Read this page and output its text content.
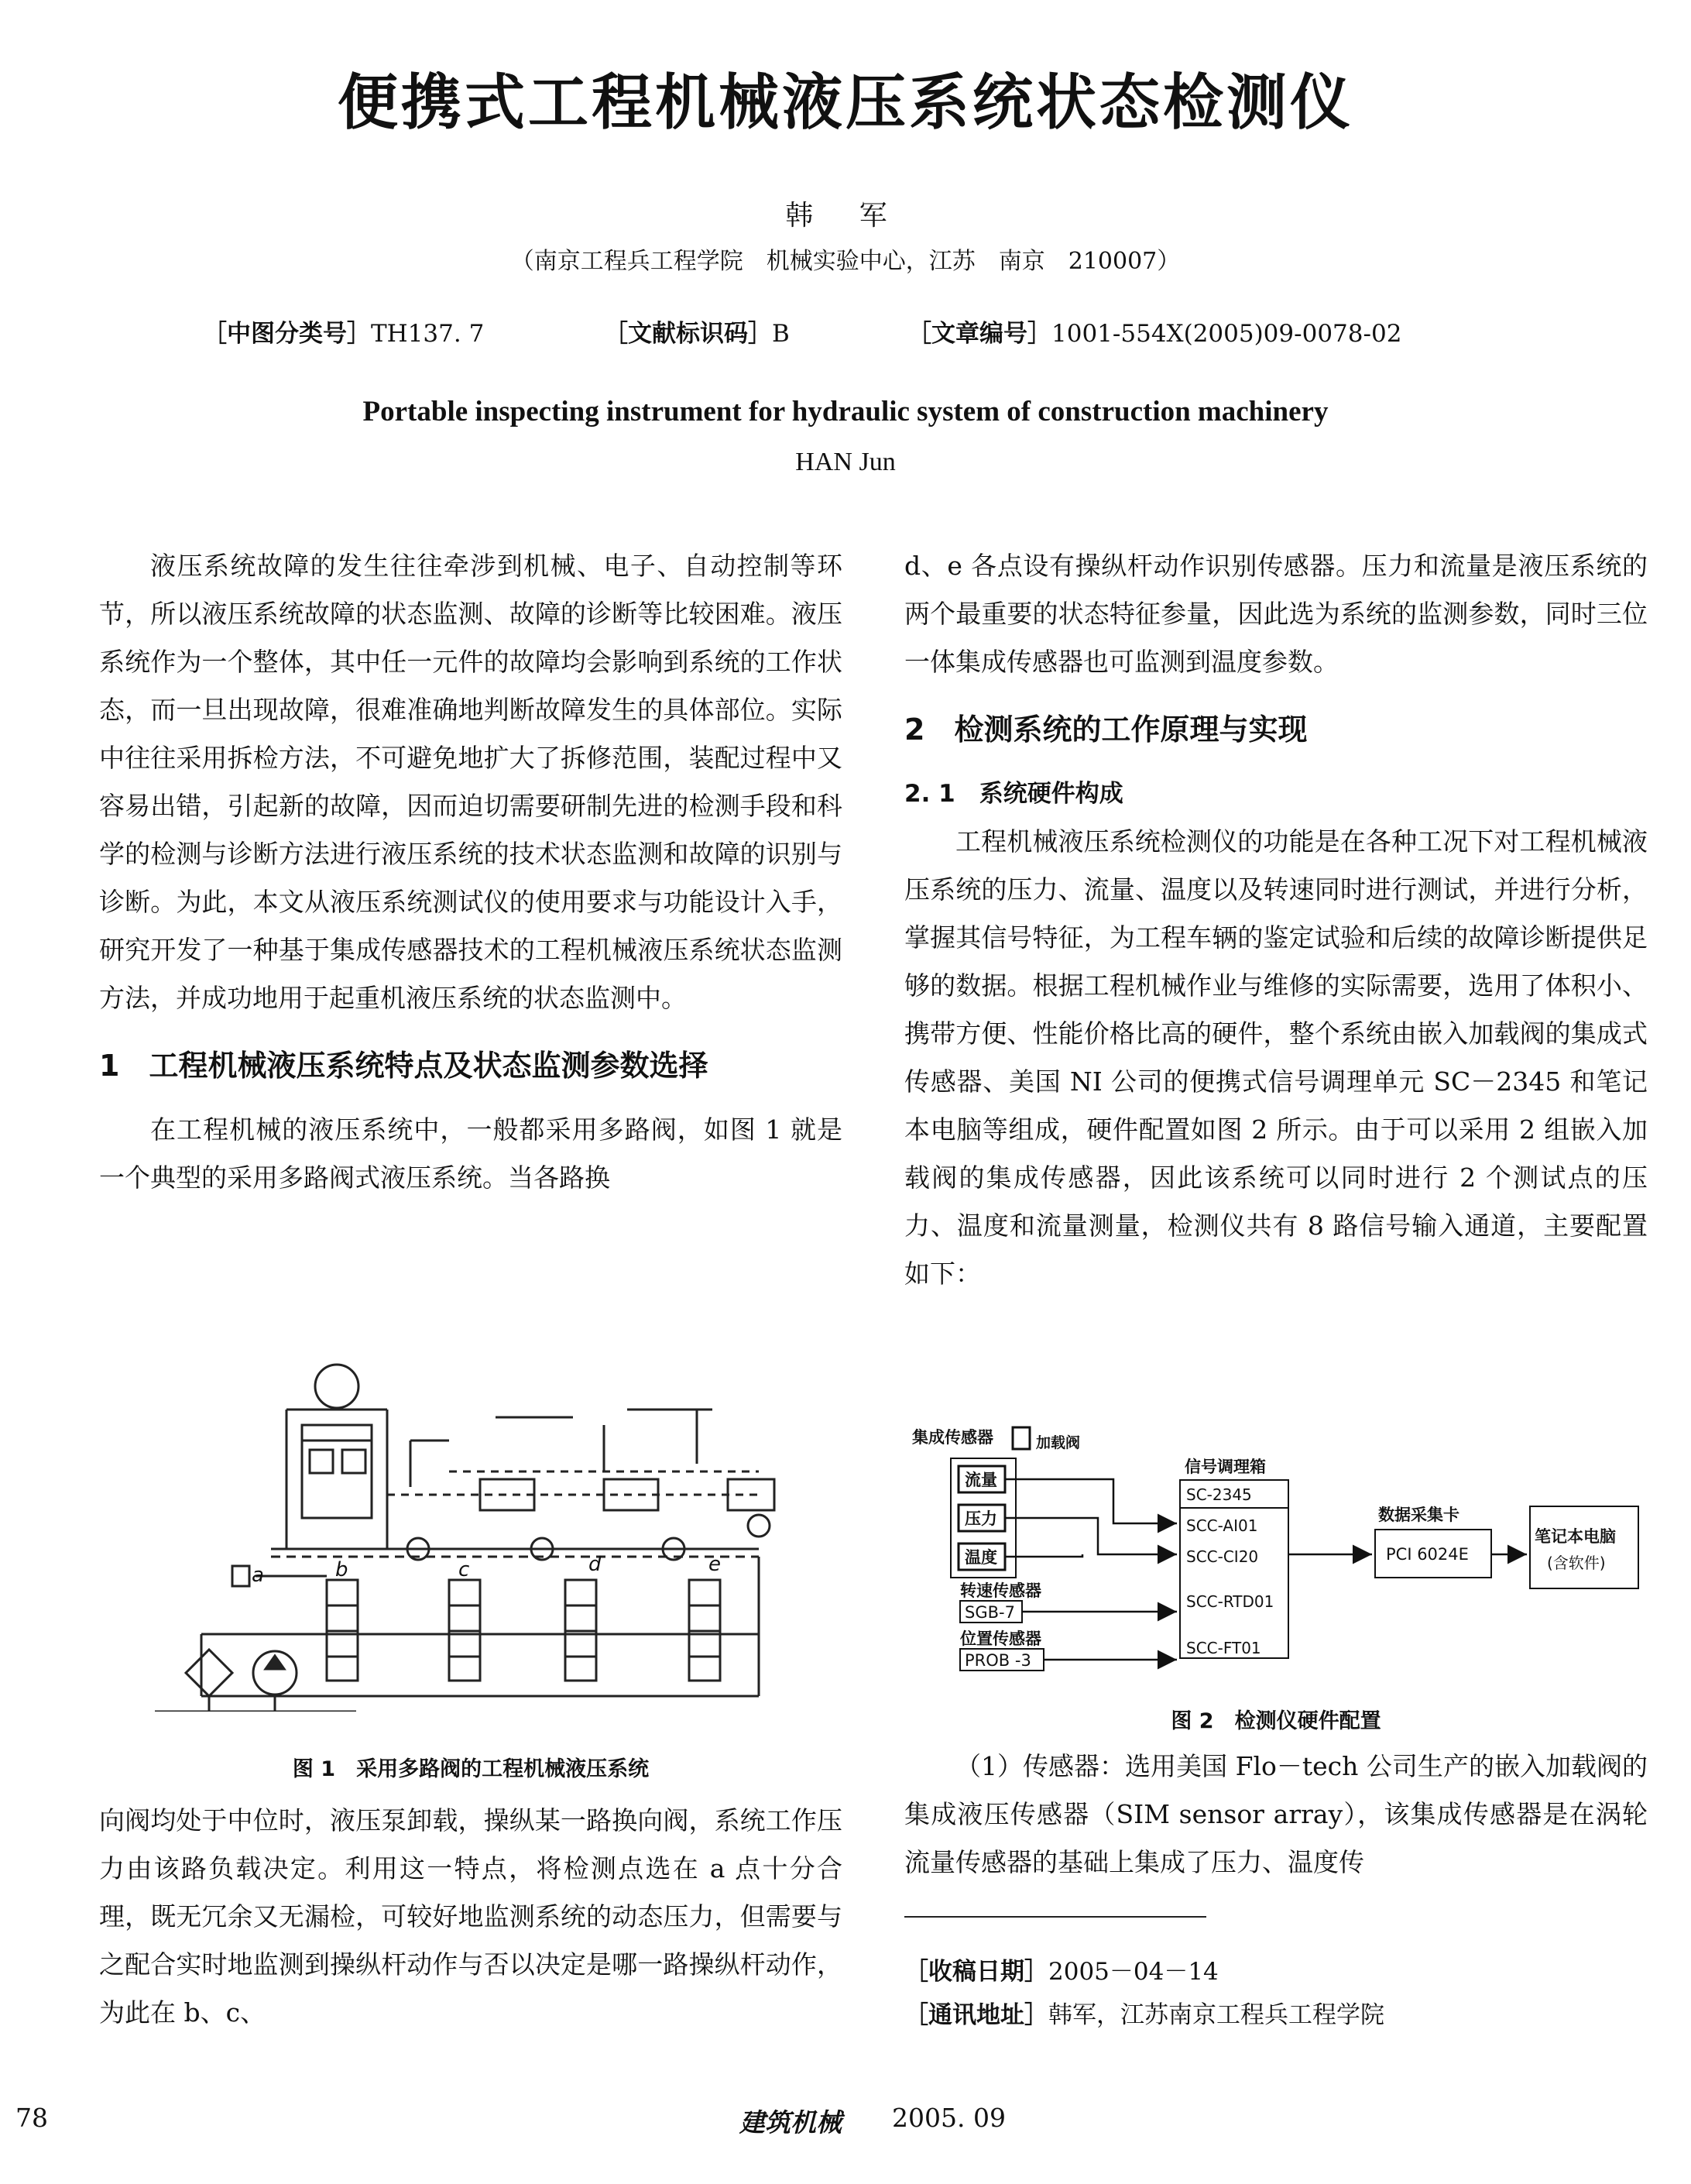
便携式工程机械液压系统状态检测仪
韩 军
（南京工程兵工程学院　机械实验中心，江苏　南京　210007）
［中图分类号］TH137. 7	［文献标识码］B	［文章编号］1001-554X(2005)09-0078-02
Portable inspecting instrument for hydraulic system of construction machinery
HAN Jun

液压系统故障的发生往往牵涉到机械、电子、自动控制等环节，所以液压系统故障的状态监测、故障的诊断等比较困难。液压系统作为一个整体，其中任一元件的故障均会影响到系统的工作状态，而一旦出现故障，很难准确地判断故障发生的具体部位。实际中往往采用拆检方法，不可避免地扩大了拆修范围，装配过程中又容易出错，引起新的故障，因而迫切需要研制先进的检测手段和科学的检测与诊断方法进行液压系统的技术状态监测和故障的识别与诊断。为此，本文从液压系统测试仪的使用要求与功能设计入手，研究开发了一种基于集成传感器技术的工程机械液压系统状态监测方法，并成功地用于起重机液压系统的状态监测中。

1　工程机械液压系统特点及状态监测参数选择

在工程机械的液压系统中，一般都采用多路阀，如图 1 就是一个典型的采用多路阀式液压系统。当各路换

a	b	c	d	e
图 1　采用多路阀的工程机械液压系统

向阀均处于中位时，液压泵卸载，操纵某一路换向阀，系统工作压力由该路负载决定。利用这一特点，将检测点选在 a 点十分合理，既无冗余又无漏检，可较好地监测系统的动态压力，但需要与之配合实时地监测到操纵杆动作与否以决定是哪一路操纵杆动作，为此在 b、c、

d、e 各点设有操纵杆动作识别传感器。压力和流量是液压系统的两个最重要的状态特征参量，因此选为系统的监测参数，同时三位一体集成传感器也可监测到温度参数。

2　检测系统的工作原理与实现
2. 1　系统硬件构成

工程机械液压系统检测仪的功能是在各种工况下对工程机械液压系统的压力、流量、温度以及转速同时进行测试，并进行分析，掌握其信号特征，为工程车辆的鉴定试验和后续的故障诊断提供足够的数据。根据工程机械作业与维修的实际需要，选用了体积小、携带方便、性能价格比高的硬件，整个系统由嵌入加载阀的集成式传感器、美国 NI 公司的便携式信号调理单元 SC－2345 和笔记本电脑等组成，硬件配置如图 2 所示。由于可以采用 2 组嵌入加载阀的集成传感器，因此该系统可以同时进行 2 个测试点的压力、温度和流量测量，检测仪共有 8 路信号输入通道，主要配置如下：

集成传感器	加载阀
流量
压力
温度
转速传感器
SGB-7
位置传感器
PROB -3
信号调理箱
SC-2345
SCC-AI01
SCC-CI20
SCC-RTD01
SCC-FT01
数据采集卡
PCI 6024E
笔记本电脑
(含软件)
图 2　检测仪硬件配置

（1）传感器：选用美国 Flo－tech 公司生产的嵌入加载阀的集成液压传感器（SIM sensor array），该集成传感器是在涡轮流量传感器的基础上集成了压力、温度传

［收稿日期］2005－04－14
［通讯地址］韩军，江苏南京工程兵工程学院
78	建筑机械 2005. 09
